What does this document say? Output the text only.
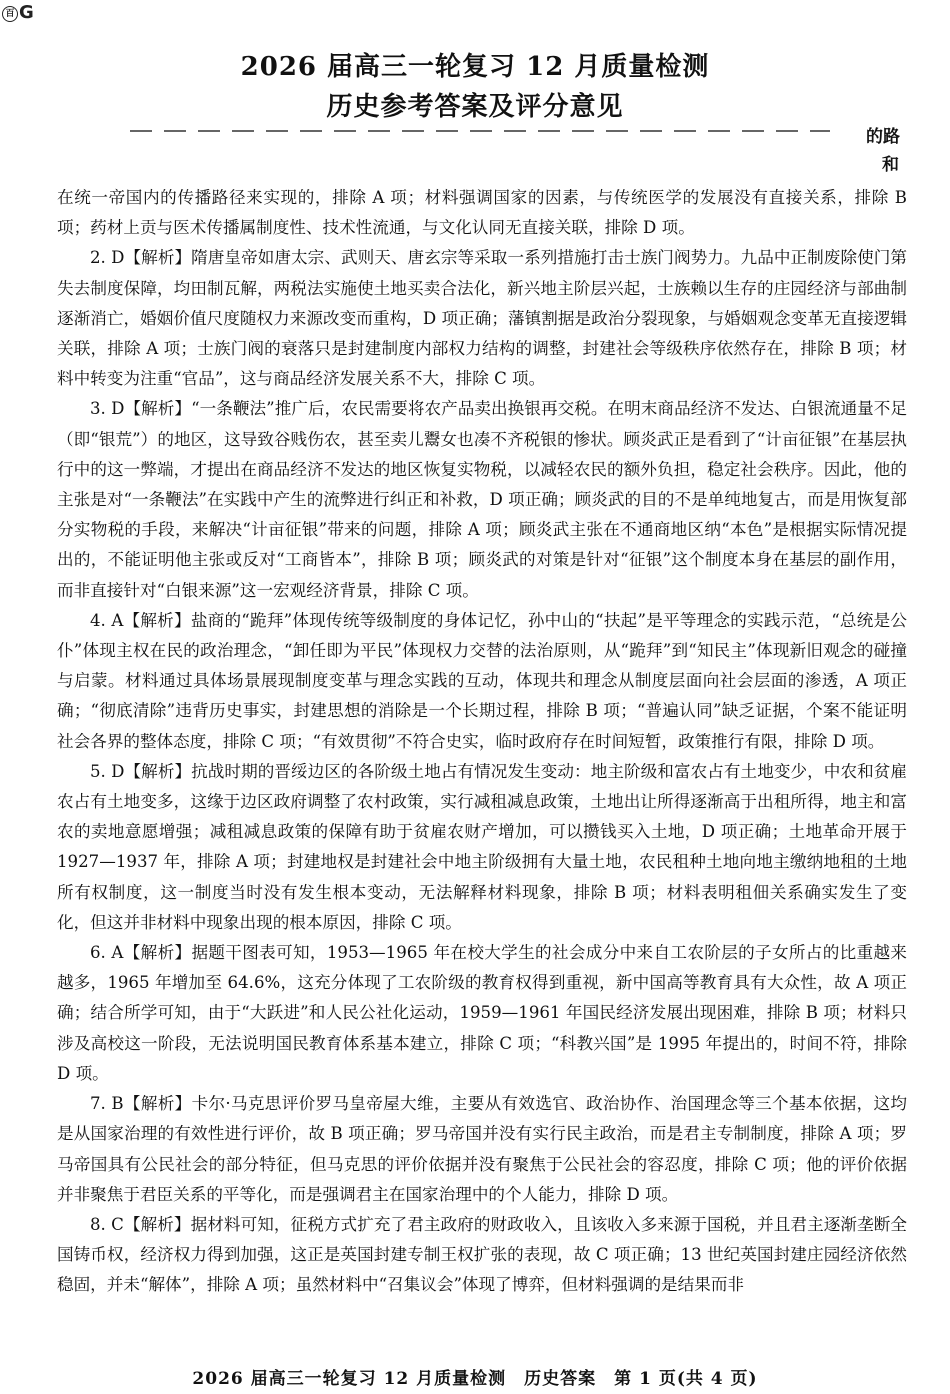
百 G
2026 届高三一轮复习 12 月质量检测
历史参考答案及评分意见
的路
和

在统一帝国内的传播路径来实现的，排除 A 项；材料强调国家的因素，与传统医学的发展没有直接关系，排除 B 项；药材上贡与医术传播属制度性、技术性流通，与文化认同无直接关联，排除 D 项。

2. D【解析】隋唐皇帝如唐太宗、武则天、唐玄宗等采取一系列措施打击士族门阀势力。九品中正制废除使门第失去制度保障，均田制瓦解，两税法实施使土地买卖合法化，新兴地主阶层兴起，士族赖以生存的庄园经济与部曲制逐渐消亡，婚姻价值尺度随权力来源改变而重构，D 项正确；藩镇割据是政治分裂现象，与婚姻观念变革无直接逻辑关联，排除 A 项；士族门阀的衰落只是封建制度内部权力结构的调整，封建社会等级秩序依然存在，排除 B 项；材料中转变为注重“官品”，这与商品经济发展关系不大，排除 C 项。

3. D【解析】“一条鞭法”推广后，农民需要将农产品卖出换银再交税。在明末商品经济不发达、白银流通量不足（即“银荒”）的地区，这导致谷贱伤农，甚至卖儿鬻女也凑不齐税银的惨状。顾炎武正是看到了“计亩征银”在基层执行中的这一弊端，才提出在商品经济不发达的地区恢复实物税，以减轻农民的额外负担，稳定社会秩序。因此，他的主张是对“一条鞭法”在实践中产生的流弊进行纠正和补救，D 项正确；顾炎武的目的不是单纯地复古，而是用恢复部分实物税的手段，来解决“计亩征银”带来的问题，排除 A 项；顾炎武主张在不通商地区纳“本色”是根据实际情况提出的，不能证明他主张或反对“工商皆本”，排除 B 项；顾炎武的对策是针对“征银”这个制度本身在基层的副作用，而非直接针对“白银来源”这一宏观经济背景，排除 C 项。

4. A【解析】盐商的“跪拜”体现传统等级制度的身体记忆，孙中山的“扶起”是平等理念的实践示范，“总统是公仆”体现主权在民的政治理念，“卸任即为平民”体现权力交替的法治原则，从“跪拜”到“知民主”体现新旧观念的碰撞与启蒙。材料通过具体场景展现制度变革与理念实践的互动，体现共和理念从制度层面向社会层面的渗透，A 项正确；“彻底清除”违背历史事实，封建思想的消除是一个长期过程，排除 B 项；“普遍认同”缺乏证据，个案不能证明社会各界的整体态度，排除 C 项；“有效贯彻”不符合史实，临时政府存在时间短暂，政策推行有限，排除 D 项。

5. D【解析】抗战时期的晋绥边区的各阶级土地占有情况发生变动：地主阶级和富农占有土地变少，中农和贫雇农占有土地变多，这缘于边区政府调整了农村政策，实行减租减息政策，土地出让所得逐渐高于出租所得，地主和富农的卖地意愿增强；减租减息政策的保障有助于贫雇农财产增加，可以攒钱买入土地，D 项正确；土地革命开展于 1927—1937 年，排除 A 项；封建地权是封建社会中地主阶级拥有大量土地，农民租种土地向地主缴纳地租的土地所有权制度，这一制度当时没有发生根本变动，无法解释材料现象，排除 B 项；材料表明租佃关系确实发生了变化，但这并非材料中现象出现的根本原因，排除 C 项。

6. A【解析】据题干图表可知，1953—1965 年在校大学生的社会成分中来自工农阶层的子女所占的比重越来越多，1965 年增加至 64.6%，这充分体现了工农阶级的教育权得到重视，新中国高等教育具有大众性，故 A 项正确；结合所学可知，由于“大跃进”和人民公社化运动，1959—1961 年国民经济发展出现困难，排除 B 项；材料只涉及高校这一阶段，无法说明国民教育体系基本建立，排除 C 项；“科教兴国”是 1995 年提出的，时间不符，排除 D 项。

7. B【解析】卡尔·马克思评价罗马皇帝屋大维，主要从有效选官、政治协作、治国理念等三个基本依据，这均是从国家治理的有效性进行评价，故 B 项正确；罗马帝国并没有实行民主政治，而是君主专制制度，排除 A 项；罗马帝国具有公民社会的部分特征，但马克思的评价依据并没有聚焦于公民社会的容忍度，排除 C 项；他的评价依据并非聚焦于君臣关系的平等化，而是强调君主在国家治理中的个人能力，排除 D 项。

8. C【解析】据材料可知，征税方式扩充了君主政府的财政收入，且该收入多来源于国税，并且君主逐渐垄断全国铸币权，经济权力得到加强，这正是英国封建专制王权扩张的表现，故 C 项正确；13 世纪英国封建庄园经济依然稳固，并未“解体”，排除 A 项；虽然材料中“召集议会”体现了博弈，但材料强调的是结果而非

2026 届高三一轮复习 12 月质量检测　历史答案　第 1 页(共 4 页)
